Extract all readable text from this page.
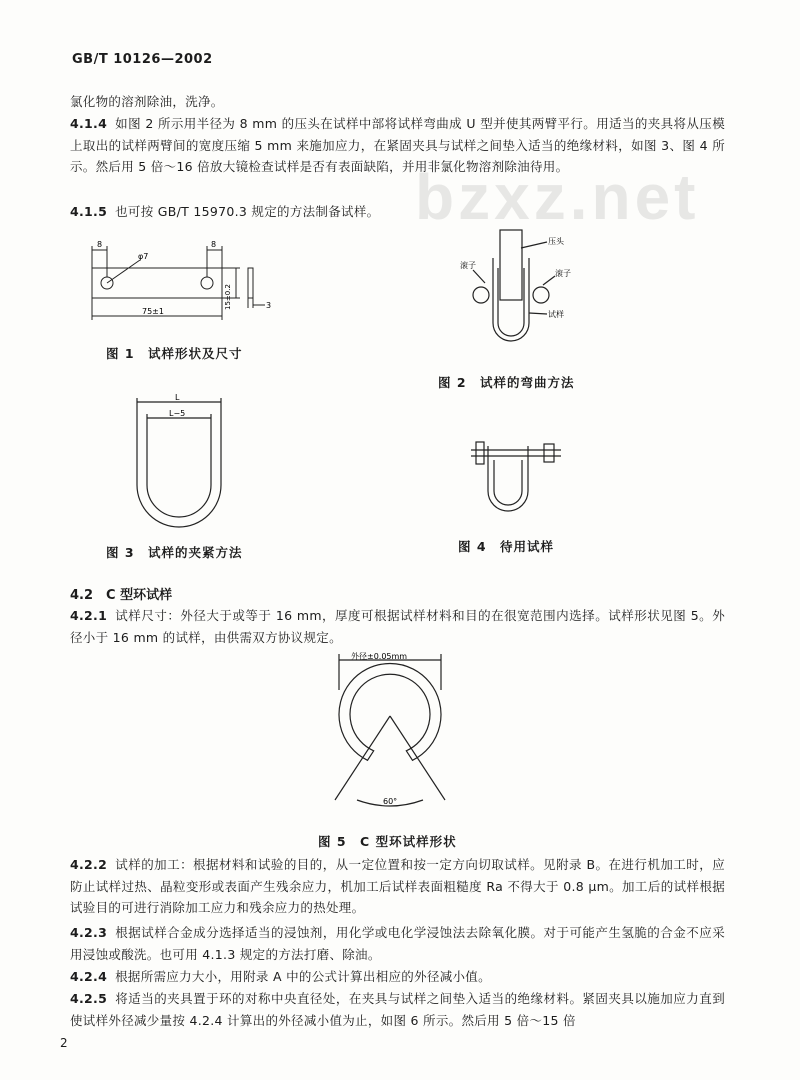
GB/T 10126—2002
bzxz.net
氯化物的溶剂除油，洗净。
4.1.4 如图 2 所示用半径为 8 mm 的压头在试样中部将试样弯曲成 U 型并使其两臂平行。用适当的夹具将从压模上取出的试样两臂间的宽度压缩 5 mm 来施加应力，在紧固夹具与试样之间垫入适当的绝缘材料，如图 3、图 4 所示。然后用 5 倍～16 倍放大镜检查试样是否有表面缺陷，并用非氯化物溶剂除油待用。
4.1.5 也可按 GB/T 15970.3 规定的方法制备试样。
8	8
φ7
75±1
15±0.2	3
图 1　试样形状及尺寸
滚子
压头
滚子
试样
图 2　试样的弯曲方法
L
L−5
图 3　试样的夹紧方法	图 4　待用试样
4.2　 C 型环试样
4.2.1 试样尺寸：外径大于或等于 16 mm，厚度可根据试样材料和目的在很宽范围内选择。试样形状见图 5。外径小于 16 mm 的试样，由供需双方协议规定。
外径±0.05mm
60°
图 5　C 型环试样形状
4.2.2 试样的加工：根据材料和试验的目的，从一定位置和按一定方向切取试样。见附录 B。在进行机加工时，应防止试样过热、晶粒变形或表面产生残余应力，机加工后试样表面粗糙度 Ra 不得大于 0.8 μm。加工后的试样根据试验目的可进行消除加工应力和残余应力的热处理。
4.2.3 根据试样合金成分选择适当的浸蚀剂，用化学或电化学浸蚀法去除氧化膜。对于可能产生氢脆的合金不应采用浸蚀或酸洗。也可用 4.1.3 规定的方法打磨、除油。
4.2.4 根据所需应力大小，用附录 A 中的公式计算出相应的外径减小值。
4.2.5 将适当的夹具置于环的对称中央直径处，在夹具与试样之间垫入适当的绝缘材料。紧固夹具以施加应力直到使试样外径减少量按 4.2.4 计算出的外径减小值为止，如图 6 所示。然后用 5 倍～15 倍
2
